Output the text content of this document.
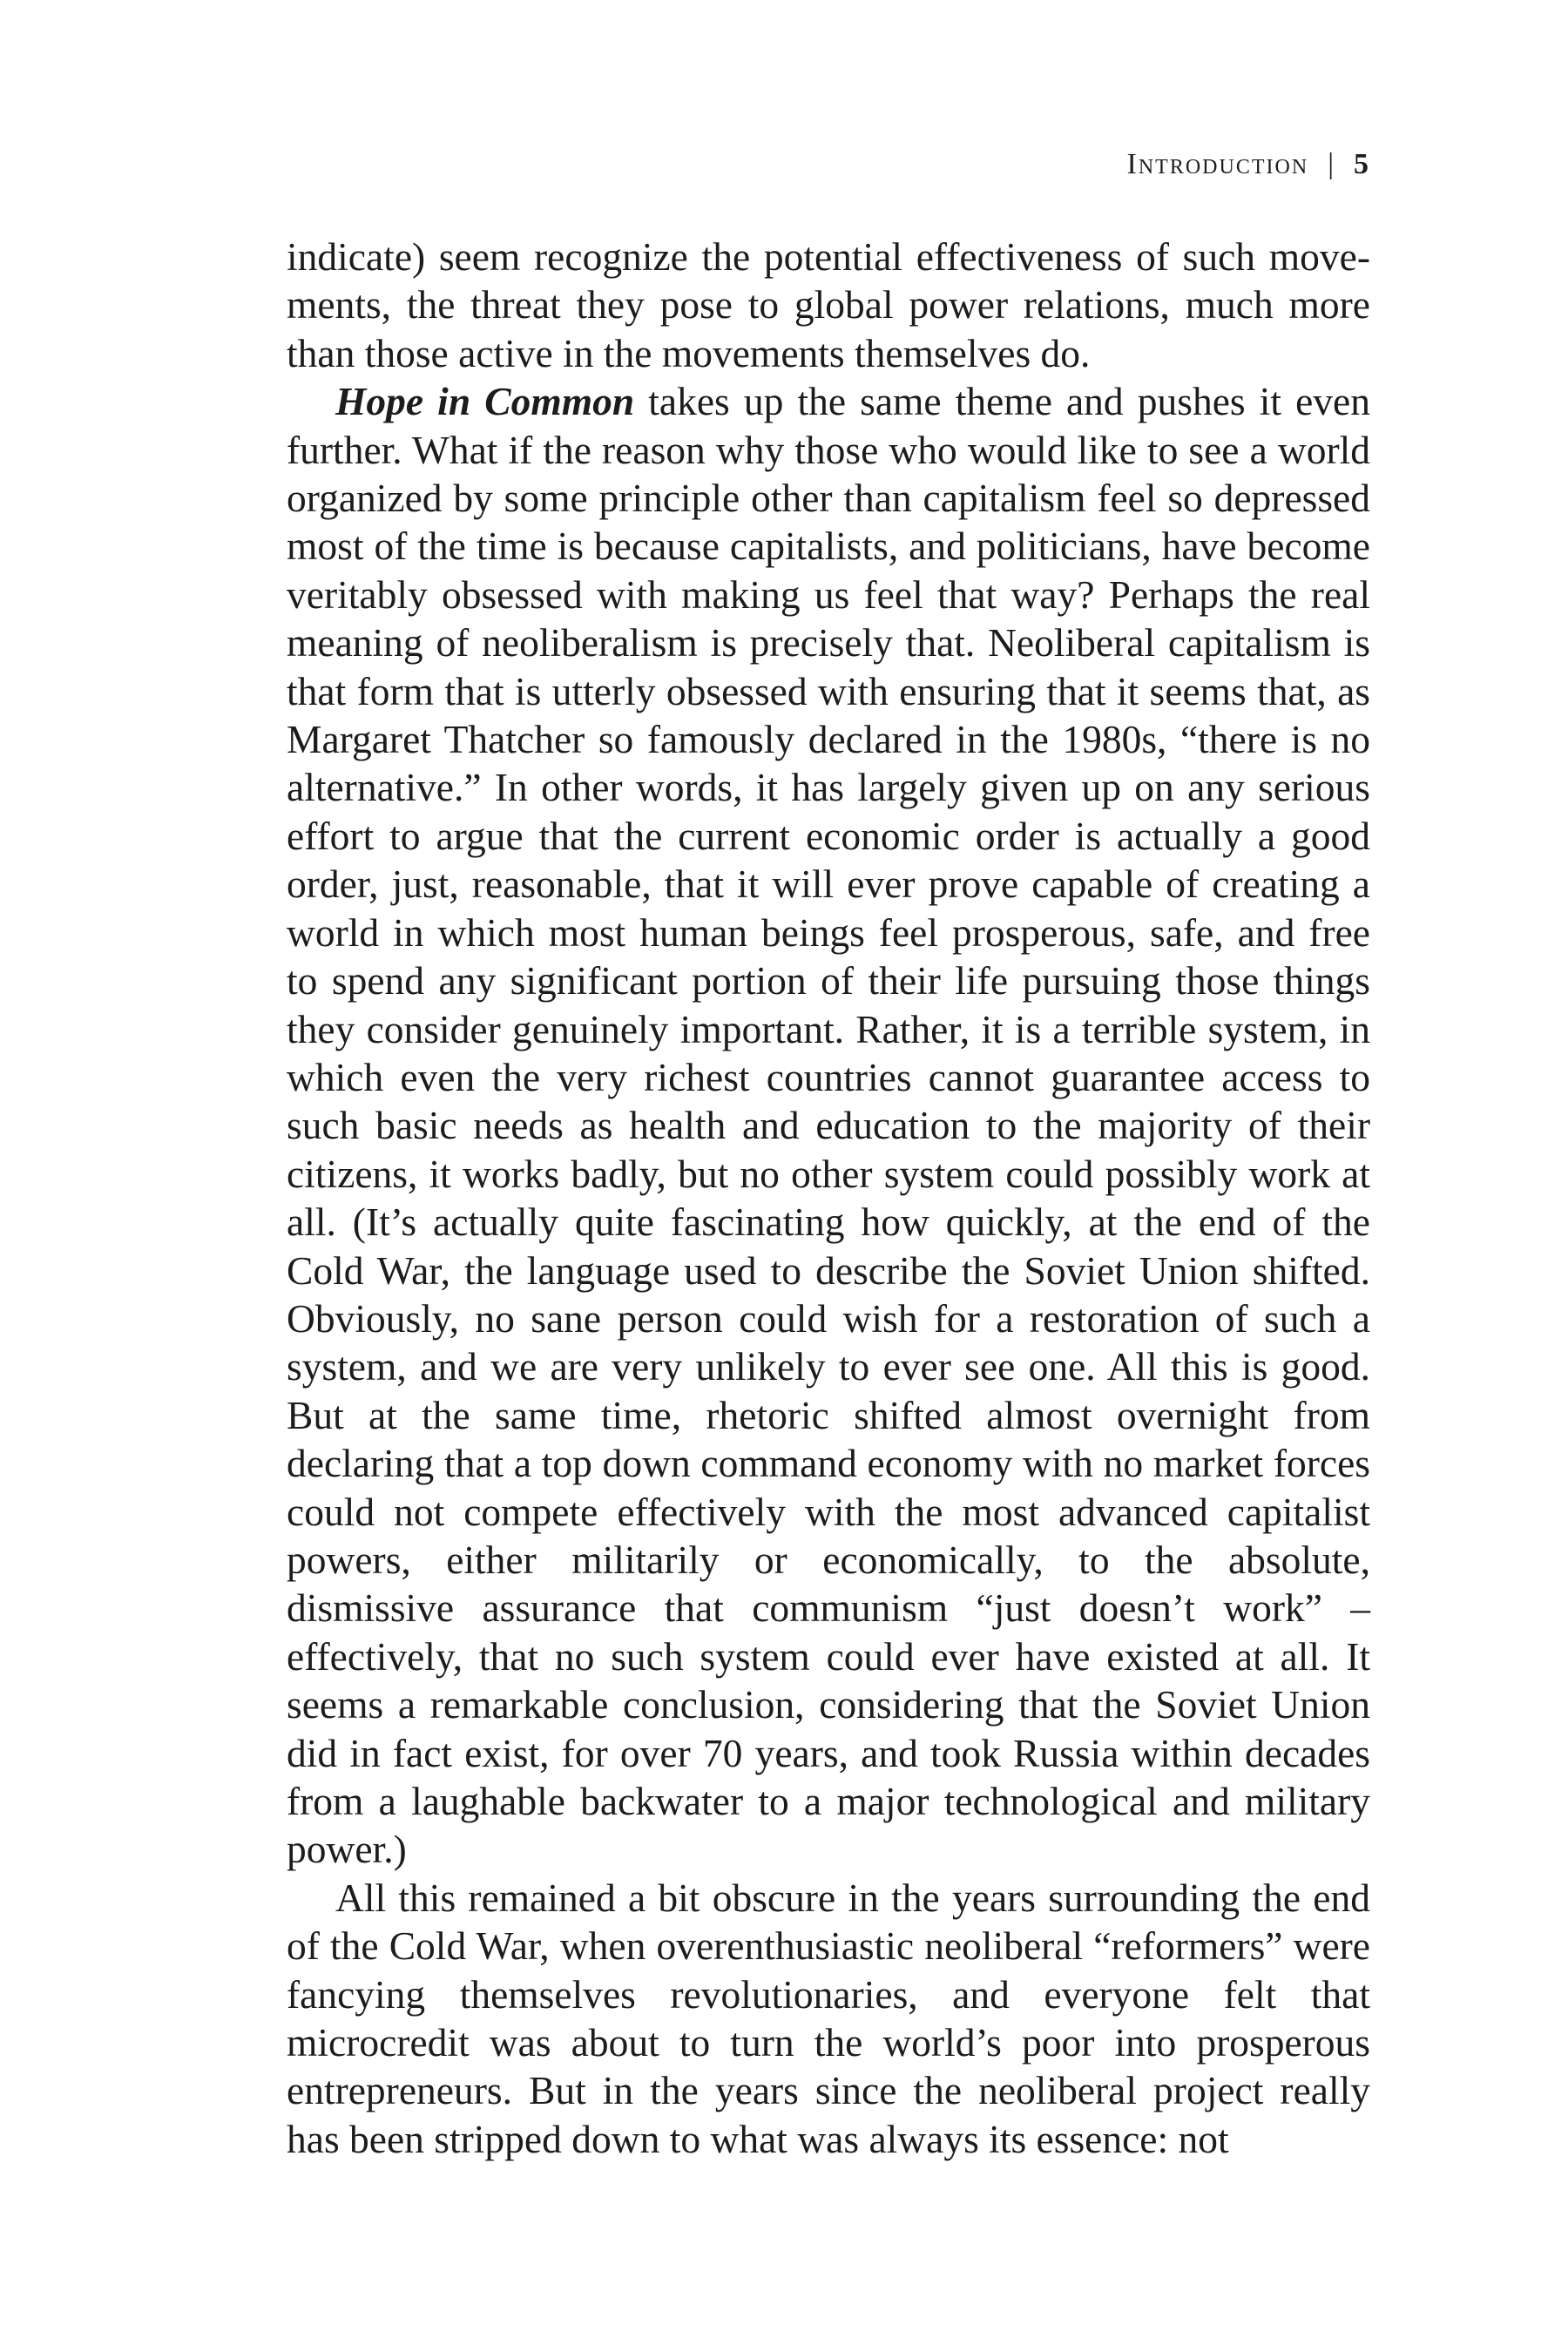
Introduction | 5

indicate) seem recognize the potential effectiveness of such movements, the threat they pose to global power relations, much more than those active in the movements themselves do.

Hope in Common takes up the same theme and pushes it even further. What if the reason why those who would like to see a world organized by some principle other than capitalism feel so depressed most of the time is because capitalists, and politicians, have become veritably obsessed with making us feel that way? Perhaps the real meaning of neoliberalism is precisely that. Neoliberal capitalism is that form that is utterly obsessed with ensuring that it seems that, as Margaret Thatcher so famously declared in the 1980s, “there is no alternative.” In other words, it has largely given up on any serious effort to argue that the current economic order is actually a good order, just, reasonable, that it will ever prove capable of creating a world in which most human beings feel prosperous, safe, and free to spend any significant portion of their life pursuing those things they consider genuinely important. Rather, it is a terrible system, in which even the very richest countries cannot guarantee access to such basic needs as health and education to the majority of their citizens, it works badly, but no other system could possibly work at all. (It’s actually quite fascinating how quickly, at the end of the Cold War, the language used to describe the Soviet Union shifted. Obviously, no sane person could wish for a restoration of such a system, and we are very unlikely to ever see one. All this is good. But at the same time, rhetoric shifted almost overnight from declaring that a top down command economy with no market forces could not compete effectively with the most advanced capitalist powers, either militarily or economically, to the absolute, dismissive assurance that communism “just doesn’t work” – effectively, that no such system could ever have existed at all. It seems a remarkable conclusion, considering that the Soviet Union did in fact exist, for over 70 years, and took Russia within decades from a laughable backwater to a major technological and military power.)

All this remained a bit obscure in the years surrounding the end of the Cold War, when overenthusiastic neoliberal “reformers” were fancying themselves revolutionaries, and everyone felt that microcredit was about to turn the world’s poor into prosperous entrepreneurs. But in the years since the neoliberal project really has been stripped down to what was always its essence: not
